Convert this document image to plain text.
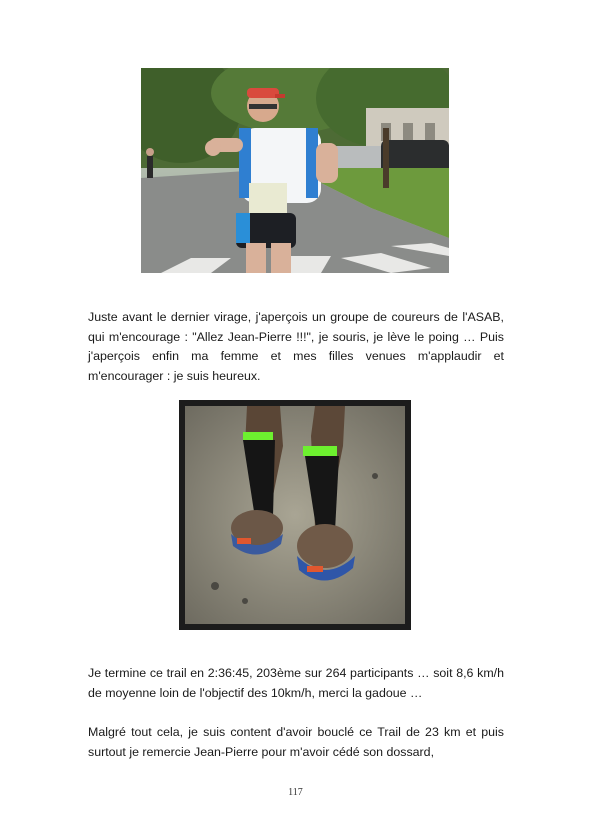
Juste avant le dernier virage, j'aperçois un groupe de coureurs de l'ASAB, qui m'encourage : "Allez Jean-Pierre !!!", je souris, je lève le poing … Puis j'aperçois enfin ma femme et mes filles venues m'applaudir et m'encourager : je suis heureux.

Je termine ce trail en 2:36:45, 203ème sur 264 participants … soit 8,6 km/h de moyenne loin de l'objectif des 10km/h, merci la gadoue …

Malgré tout cela, je suis content d'avoir bouclé ce Trail de 23 km et puis surtout je remercie Jean-Pierre pour m'avoir cédé son dossard,

117
